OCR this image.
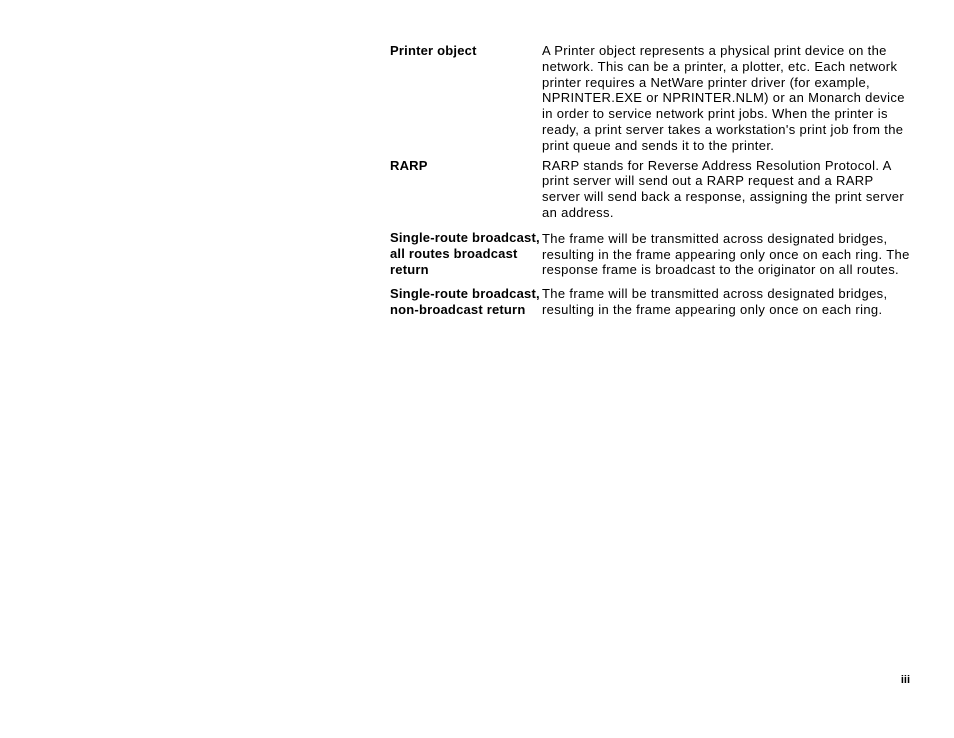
Printer object	A Printer object represents a physical print device on the network. This can be a printer, a plotter, etc. Each network printer requires a NetWare printer driver (for example, NPRINTER.EXE or NPRINTER.NLM) or an Monarch device in order to service network print jobs. When the printer is ready, a print server takes a workstation's print job from the print queue and sends it to the printer.

RARP	RARP stands for Reverse Address Resolution Protocol. A print server will send out a RARP request and a RARP server will send back a response, assigning the print server an address.

Single-route broadcast, all routes broadcast return

The frame will be transmitted across designated bridges, resulting in the frame appearing only once on each ring. The response frame is broadcast to the originator on all routes.

Single-route broadcast, non-broadcast return

The frame will be transmitted across designated bridges, resulting in the frame appearing only once on each ring.

iii
